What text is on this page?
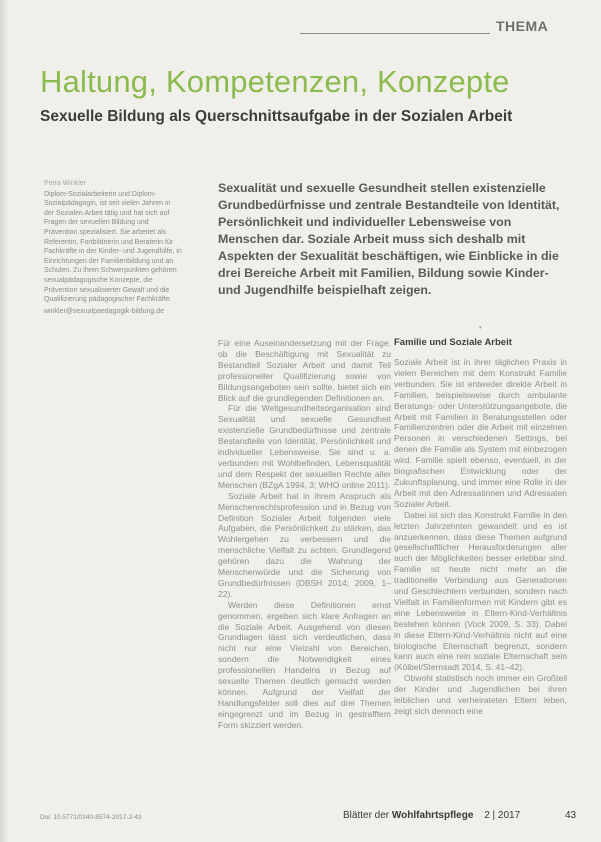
THEMA
Haltung, Kompetenzen, Konzepte
Sexuelle Bildung als Querschnittsaufgabe in der Sozialen Arbeit
Petra Winkler

Diplom-Sozialarbeiterin und Diplom-Sozialpädagogin, ist seit vielen Jahren in der Sozialen Arbeit tätig und hat sich auf Fragen der sexuellen Bildung und Prävention spezialisiert. Sie arbeitet als Referentin, Fortbildnerin und Beraterin für Fachkräfte in der Kinder- und Jugendhilfe, in Einrichtungen der Familienbildung und an Schulen. Zu ihren Schwerpunkten gehören sexualpädagogische Konzepte, die Prävention sexualisierter Gewalt und die Qualifizierung pädagogischer Fachkräfte.

winkler@sexualpaedagogik-bildung.de
Sexualität und sexuelle Gesundheit stellen existenzielle Grundbedürfnisse und zentrale Bestandteile von Identität, Persönlichkeit und individueller Lebensweise von Menschen dar. Soziale Arbeit muss sich deshalb mit Aspekten der Sexualität beschäftigen, wie Einblicke in die drei Bereiche Arbeit mit Familien, Bildung sowie Kinder- und Jugendhilfe beispielhaft zeigen.
•

Für eine Auseinandersetzung mit der Frage, ob die Beschäftigung mit Sexualität zu Bestandteil Sozialer Arbeit und damit Teil professioneller Qualifizierung sowie von Bildungsangeboten sein sollte, bietet sich ein Blick auf die grundlegenden Definitionen an.

Für die Weltgesundheitsorganisation sind Sexualität und sexuelle Gesundheit existenzielle Grundbedürfnisse und zentrale Bestandteile von Identität, Persönlichkeit und individueller Lebensweise. Sie sind u. a. verbunden mit Wohlbefinden, Lebensqualität und dem Respekt der sexuellen Rechte aller Menschen (BZgA 1994, 3; WHO online 2011).

Soziale Arbeit hat in ihrem Anspruch als Menschenrechtsprofession und in Bezug von Definition Sozialer Arbeit folgenden viele Aufgaben, die Persönlichkeit zu stärken, das Wohlergehen zu verbessern und die menschliche Vielfalt zu achten. Grundlegend gehören dazu die Wahrung der Menschenwürde und die Sicherung von Grundbedürfnissen (DBSH 2014; 2009, 1–22).

Werden diese Definitionen ernst genommen, ergeben sich klare Anfragen an die Soziale Arbeit. Ausgehend von diesen Grundlagen lässt sich verdeutlichen, dass nicht nur eine Vielzahl von Bereichen, sondern die Notwendigkeit eines professionellen Handelns in Bezug auf sexuelle Themen deutlich gemacht werden können. Aufgrund der Vielfalt der Handlungsfelder soll dies auf drei Themen eingegrenzt und im Bezug in gestrafftem Form skizziert werden.

Familie und Soziale Arbeit

Soziale Arbeit ist in ihrer täglichen Praxis in vielen Bereichen mit dem Konstrukt Familie verbunden. Sie ist entweder direkte Arbeit in Familien, beispielsweise durch ambulante Beratungs- oder Unterstützungsangebote, die Arbeit mit Familien in Beratungsstellen oder Familienzentren oder die Arbeit mit einzelnen Personen in verschiedenen Settings, bei denen die Familie als System mit einbezogen wird. Familie spielt ebenso, eventuell, in der biografischen Entwicklung oder der Zukunftsplanung, und immer eine Rolle in der Arbeit mit den Adressatinnen und Adressaten Sozialer Arbeit.

Dabei ist sich das Konstrukt Familie in den letzten Jahrzehnten gewandelt und es ist anzuerkennen, dass diese Themen aufgrund gesellschaftlicher Herausforderungen aller auch der Möglichkeiten besser erlebbar sind. Familie ist heute nicht mehr an die traditionelle Verbindung aus Generationen und Geschlechtern verbunden, sondern nach Vielfalt in Familienformen mit Kindern gibt es eine Lebensweise in Eltern-Kind-Verhältnis bestehen können (Vock 2009, S. 33). Dabei in diese Eltern-Kind-Verhältnis nicht auf eine biologische Elternschaft begrenzt, sondern kann auch eine rein soziale Elternschaft sein (Kölbel/Sternsadt 2014, S. 41–42).

Obwohl statistisch noch immer ein Großteil der Kinder und Jugendlichen bei ihren leiblichen und verheirateten Eltern leben, zeigt sich dennoch eine

Doi: 10.5771/0340-8574-2017-2-43	Blätter der Wohlfahrtspflege 2 | 2017	43
